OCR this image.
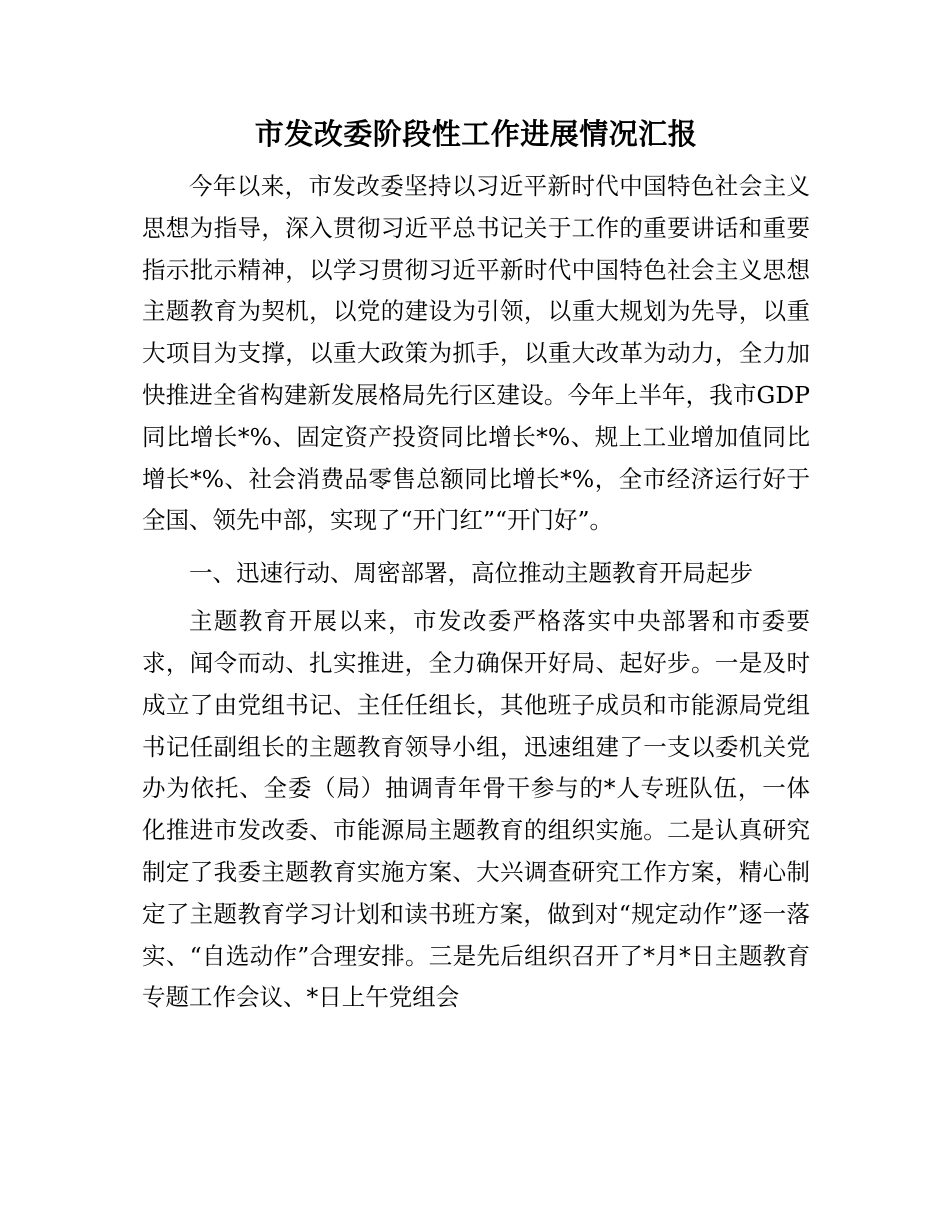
市发改委阶段性工作进展情况汇报

今年以来，市发改委坚持以习近平新时代中国特色社会主义思想为指导，深入贯彻习近平总书记关于工作的重要讲话和重要指示批示精神，以学习贯彻习近平新时代中国特色社会主义思想主题教育为契机，以党的建设为引领，以重大规划为先导，以重大项目为支撑，以重大政策为抓手，以重大改革为动力，全力加快推进全省构建新发展格局先行区建设。今年上半年，我市GDP同比增长*%、固定资产投资同比增长*%、规上工业增加值同比增长*%、社会消费品零售总额同比增长*%，全市经济运行好于全国、领先中部，实现了“开门红”“开门好”。

一、迅速行动、周密部署，高位推动主题教育开局起步

主题教育开展以来，市发改委严格落实中央部署和市委要求，闻令而动、扎实推进，全力确保开好局、起好步。一是及时成立了由党组书记、主任任组长，其他班子成员和市能源局党组书记任副组长的主题教育领导小组，迅速组建了一支以委机关党办为依托、全委（局）抽调青年骨干参与的*人专班队伍，一体化推进市发改委、市能源局主题教育的组织实施。二是认真研究制定了我委主题教育实施方案、大兴调查研究工作方案，精心制定了主题教育学习计划和读书班方案，做到对“规定动作”逐一落实、“自选动作”合理安排。三是先后组织召开了*月*日主题教育专题工作会议、*日上午党组会
